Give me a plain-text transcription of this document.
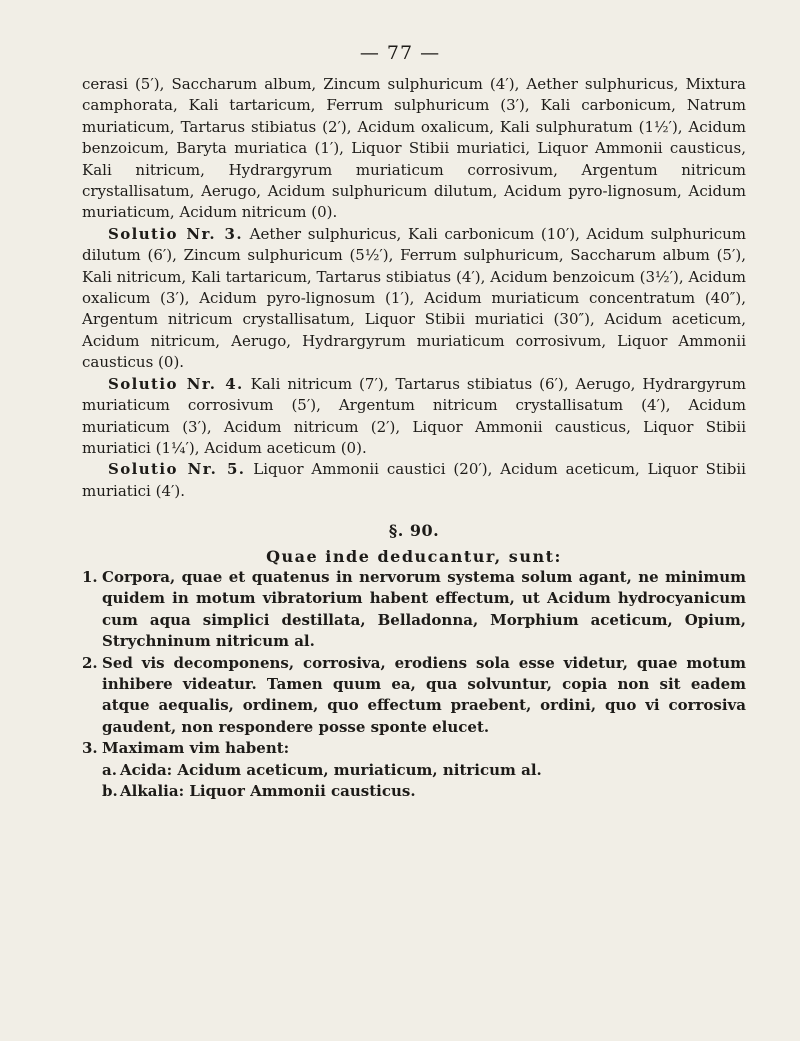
— 77 —

cerasi (5′), Saccharum album, Zincum sulphuricum (4′), Aether sulphuricus, Mixtura camphorata, Kali tartaricum, Ferrum sulphuricum (3′), Kali carbonicum, Natrum muriaticum, Tartarus stibiatus (2′), Acidum oxalicum, Kali sulphuratum (1½′), Acidum benzoicum, Baryta muriatica (1′), Liquor Stibii muriatici, Liquor Ammonii causticus, Kali nitricum, Hydrargyrum muriaticum corrosivum, Argentum nitricum crystallisatum, Aerugo, Acidum sulphuricum dilutum, Acidum pyro-lignosum, Acidum muriaticum, Acidum nitricum (0).

Solutio Nr. 3. Aether sulphuricus, Kali carbonicum (10′), Acidum sulphuricum dilutum (6′), Zincum sulphuricum (5½′), Ferrum sulphuricum, Saccharum album (5′), Kali nitricum, Kali tartaricum, Tartarus stibiatus (4′), Acidum benzoicum (3½′), Acidum oxalicum (3′), Acidum pyro-lignosum (1′), Acidum muriaticum concentratum (40″), Argentum nitricum crystallisatum, Liquor Stibii muriatici (30″), Acidum aceticum, Acidum nitricum, Aerugo, Hydrargyrum muriaticum corrosivum, Liquor Ammonii causticus (0).

Solutio Nr. 4. Kali nitricum (7′), Tartarus stibiatus (6′), Aerugo, Hydrargyrum muriaticum corrosivum (5′), Argentum nitricum crystallisatum (4′), Acidum muriaticum (3′), Acidum nitricum (2′), Liquor Ammonii causticus, Liquor Stibii muriatici (1¼′), Acidum aceticum (0).

Solutio Nr. 5. Liquor Ammonii caustici (20′), Acidum aceticum, Liquor Stibii muriatici (4′).

§. 90.

Quae inde deducantur, sunt:

1. Corpora, quae et quatenus in nervorum systema solum agant, ne minimum quidem in motum vibratorium habent effectum, ut Acidum hydrocyanicum cum aqua simplici destillata, Belladonna, Morphium aceticum, Opium, Strychninum nitricum al.
2. Sed vis decomponens, corrosiva, erodiens sola esse videtur, quae motum inhibere videatur. Tamen quum ea, qua solvuntur, copia non sit eadem atque aequalis, ordinem, quo effectum praebent, ordini, quo vi corrosiva gaudent, non respondere posse sponte elucet.
3. Maximam vim habent:
a. Acida: Acidum aceticum, muriaticum, nitricum al.
b. Alkalia: Liquor Ammonii causticus.
